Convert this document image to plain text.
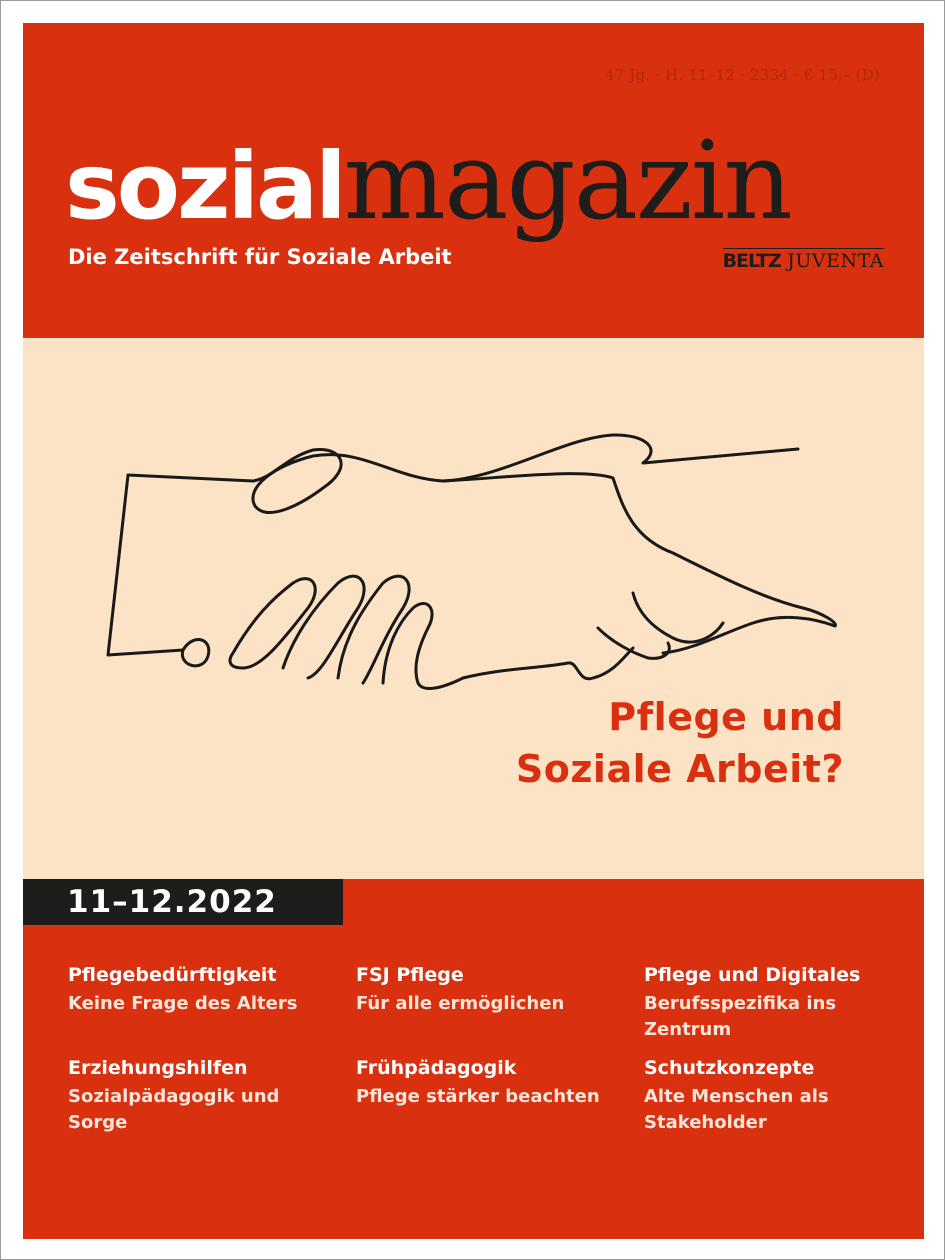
47 Jg. · H. 11–12 · 2334 · € 15,– (D)
sozialmagazin
Die Zeitschrift für Soziale Arbeit	BELTZ JUVENTA
Pflege und
Soziale Arbeit?
11–12.2022
Pflegebedürftigkeit
Keine Frage des Alters
FSJ Pflege
Für alle ermöglichen
Pflege und Digitales
Berufsspezifika ins Zentrum
Erziehungshilfen
Sozialpädagogik und Sorge
Frühpädagogik
Pflege stärker beachten
Schutzkonzepte
Alte Menschen als Stakeholder
